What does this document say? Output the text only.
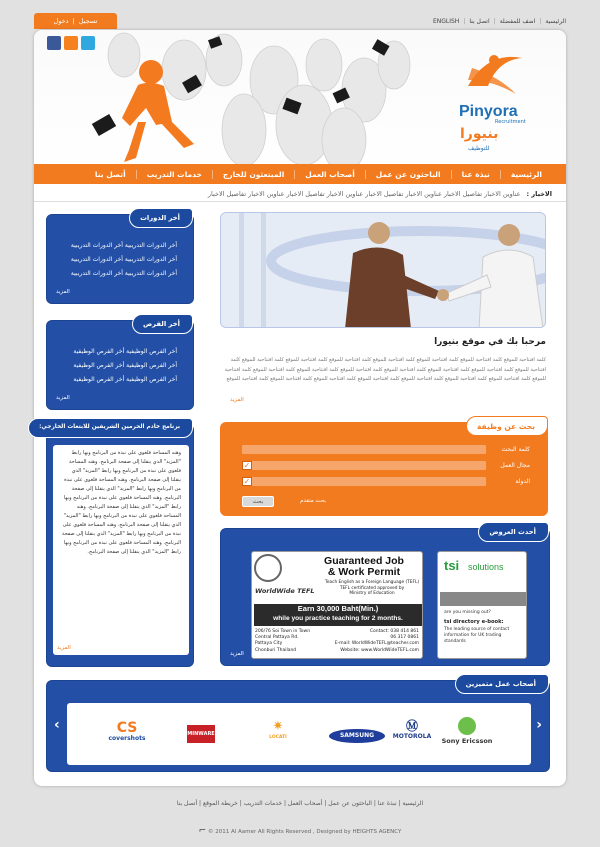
دخول | تسجيل	الرئيسية
|
اضف للمفضلة
|
اتصل بنا
|
ENGLISH
Pinyora
Recruitment
بنيورا
للتوظيف
الرئيسية
نبذة عنا
الباحثون عن عمل
أصحاب العمل
المبتعثون للخارج
خدمات التدريب
أتصل بنا
الاخبار :
عناوين الاخبار تفاصيل الاخبار عناوين الاخبار تفاصيل الاخبار عناوين الاخبار تفاصيل الاخبار عناوين الاخبار تفاصيل الاخبار
أخر الدورات
أخر الدورات التدريبية أخر الدورات التدريبية
أخر الدورات التدريبية أخر الدورات التدريبية
أخر الدورات التدريبية أخر الدورات التدريبية
المزيد
أخر الفرص
أخر الفرص الوظيفية أخر الفرص الوظيفية
أخر الفرص الوظيفية أخر الفرص الوظيفية
أخر الفرص الوظيفية أخر الفرص الوظيفية
المزيد
برنامج خادم الحرمين الشريفين للابتعاث الخارجي:
وهنه المساحة فلغوي على نبذة من البرنامج وبها رابط "المزيد" الذي ينقلنا إلى صفحة البرنامج. وهنه المساحة فلغوي على نبذة من البرنامج وبها رابط "المزيد" الذي ينقلنا إلى صفحة البرنامج. وهنه المساحة فلغوي على نبذة من البرنامج وبها رابط "المزيد" الذي ينقلنا إلى صفحة البرنامج. وهنه المساحة فلغوي على نبذة من البرنامج وبها رابط "المزيد" الذي ينقلنا إلى صفحة البرنامج. وهنه المساحة فلغوي على نبذة من البرنامج وبها رابط "المزيد" الذي ينقلنا إلى صفحة البرنامج. وهنه المساحة فلغوي على نبذة من البرنامج وبها رابط "المزيد" الذي ينقلنا إلى صفحة البرنامج. وهنه المساحة فلغوي على نبذة من البرنامج وبها رابط "المزيد" الذي ينقلنا إلى صفحة البرنامج.
المزيد
مرحبا بك في موقع بنيورا
كلمة افتتاحية للموقع كلمة افتتاحية للموقع كلمة افتتاحية للموقع كلمة افتتاحية للموقع كلمة افتتاحية للموقع كلمة افتتاحية للموقع كلمة افتتاحية للموقع كلمة افتتاحية للموقع كلمة افتتاحية للموقع كلمة افتتاحية للموقع كلمة افتتاحية للموقع كلمة افتتاحية للموقع كلمة افتتاحية للموقع كلمة افتتاحية للموقع كلمة افتتاحية للموقع كلمة افتتاحية للموقع كلمة افتتاحية للموقع كلمة افتتاحية للموقع كلمة افتتاحية للموقع كلمة افتتاحية للموقع كلمة افتتاحية للموقع كلمة افتتاحية للموقع
المزيد
بحث عن وظيفة
كلمة البحث
مجال العمل
✓
الدولة
✓
بحث	بحث متقدم
أحدث العروض
Guaranteed Job
& Work Permit
WorldWide TEFL
Teach English as a Foreign Language (TEFL)
TEFL certificated approved by
Ministry of Education
Earn 30,000 Baht(Min.)
while you practice teaching for 2 months.
206/76 Soi Town in Town
Central Pattaya Rd.
Pattaya City
Chonburi Thailand
Contact: 038 414 861
06 317 0861
E-mail: WorldWideTEFL@teacher.com
Website: www.WorldWideTEFL.com
tsi solutions
are you missing out?
tsi directory e-book:
The leading source of contact information for UK trading standards
المزيد
أصحاب عمل متميزين
Sony Ericsson
Ⓜ
MOTOROLA
SAMSUNG
✷
LOCATI
MINWARE
CS
covershots
‹	›
الرئيسية | نبذة عنا | الباحثون عن عمل | أصحاب العمل | خدمات التدريب | خريطة الموقع | أتصل بنا
⌐ © 2011 Al Aamer All Rights Reserved , Designed by HEIGHTS AGENCY
